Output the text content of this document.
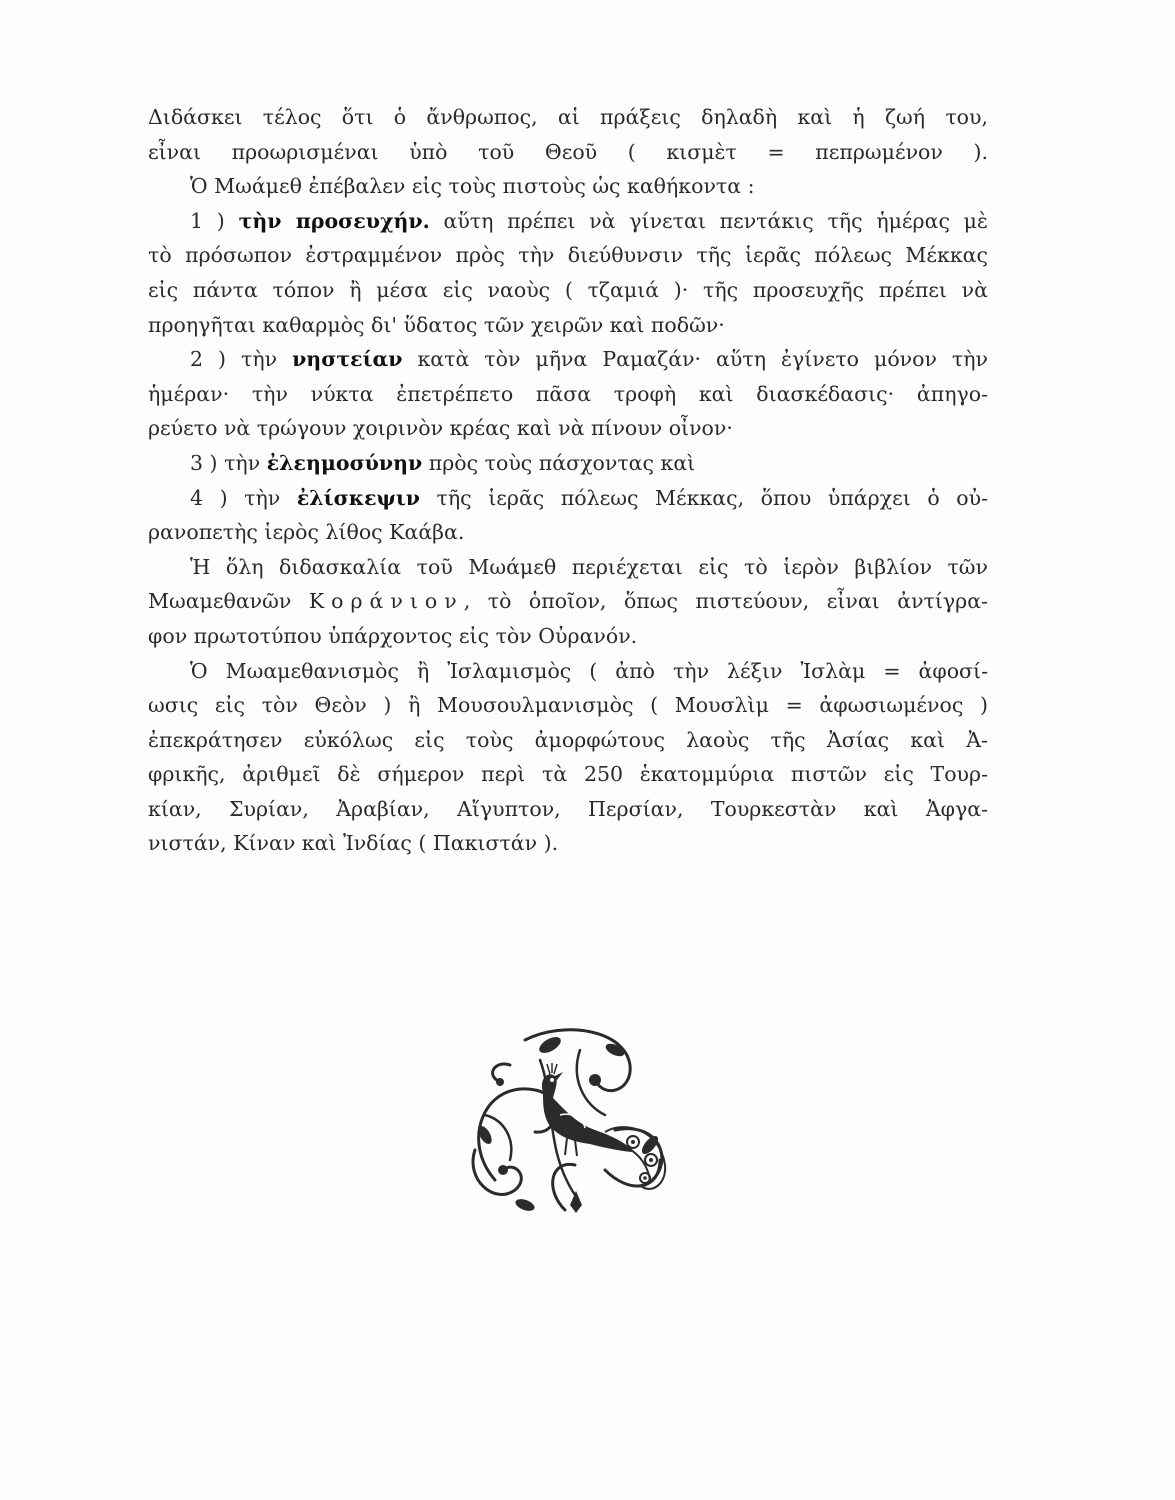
Διδάσκει τέλος ὅτι ὁ ἄνθρωπος, αἱ πράξεις δηλαδὴ καὶ ἡ ζωή του,
εἶναι προωρισμέναι ὑπὸ τοῦ Θεοῦ ( κισμὲτ = πεπρωμένον ).
Ὁ Μωάμεθ ἐπέβαλεν εἰς τοὺς πιστοὺς ὡς καθήκοντα :
1 ) τὴν προσευχήν. αὕτη πρέπει νὰ γίνεται πεντάκις τῆς ἡμέρας μὲ
τὸ πρόσωπον ἐστραμμένον πρὸς τὴν διεύθυνσιν τῆς ἱερᾶς πόλεως Μέκκας
εἰς πάντα τόπον ἢ μέσα εἰς ναοὺς ( τζαμιά )· τῆς προσευχῆς πρέπει νὰ
προηγῆται καθαρμὸς δι' ὕδατος τῶν χειρῶν καὶ ποδῶν·
2 ) τὴν νηστείαν κατὰ τὸν μῆνα Ραμαζάν· αὕτη ἐγίνετο μόνον τὴν
ἡμέραν· τὴν νύκτα ἐπετρέπετο πᾶσα τροφὴ καὶ διασκέδασις· ἀπηγο-
ρεύετο νὰ τρώγουν χοιρινὸν κρέας καὶ νὰ πίνουν οἶνον·
3 ) τὴν ἐλεημοσύνην πρὸς τοὺς πάσχοντας καὶ
4 ) τὴν ἐλίσκεψιν τῆς ἱερᾶς πόλεως Μέκκας, ὅπου ὑπάρχει ὁ οὐ-
ρανοπετὴς ἱερὸς λίθος Καάβα.
Ἡ ὅλη διδασκαλία τοῦ Μωάμεθ περιέχεται εἰς τὸ ἱερὸν βιβλίον τῶν
Μωαμεθανῶν Κοράνιον, τὸ ὁποῖον, ὅπως πιστεύουν, εἶναι ἀντίγρα-
φον πρωτοτύπου ὑπάρχοντος εἰς τὸν Οὐρανόν.
Ὁ Μωαμεθανισμὸς ἢ Ἰσλαμισμὸς ( ἀπὸ τὴν λέξιν Ἰσλὰμ = ἀφοσί-
ωσις εἰς τὸν Θεὸν ) ἢ Μουσουλμανισμὸς ( Μουσλὶμ = ἀφωσιωμένος )
ἐπεκράτησεν εὐκόλως εἰς τοὺς ἀμορφώτους λαοὺς τῆς Ἀσίας καὶ Ἀ-
φρικῆς, ἀριθμεῖ δὲ σήμερον περὶ τὰ 250 ἑκατομμύρια πιστῶν εἰς Τουρ-
κίαν, Συρίαν, Ἀραβίαν, Αἴγυπτον, Περσίαν, Τουρκεστὰν καὶ Ἀφγα-
νιστάν, Κίναν καὶ Ἰνδίας ( Πακιστάν ).
